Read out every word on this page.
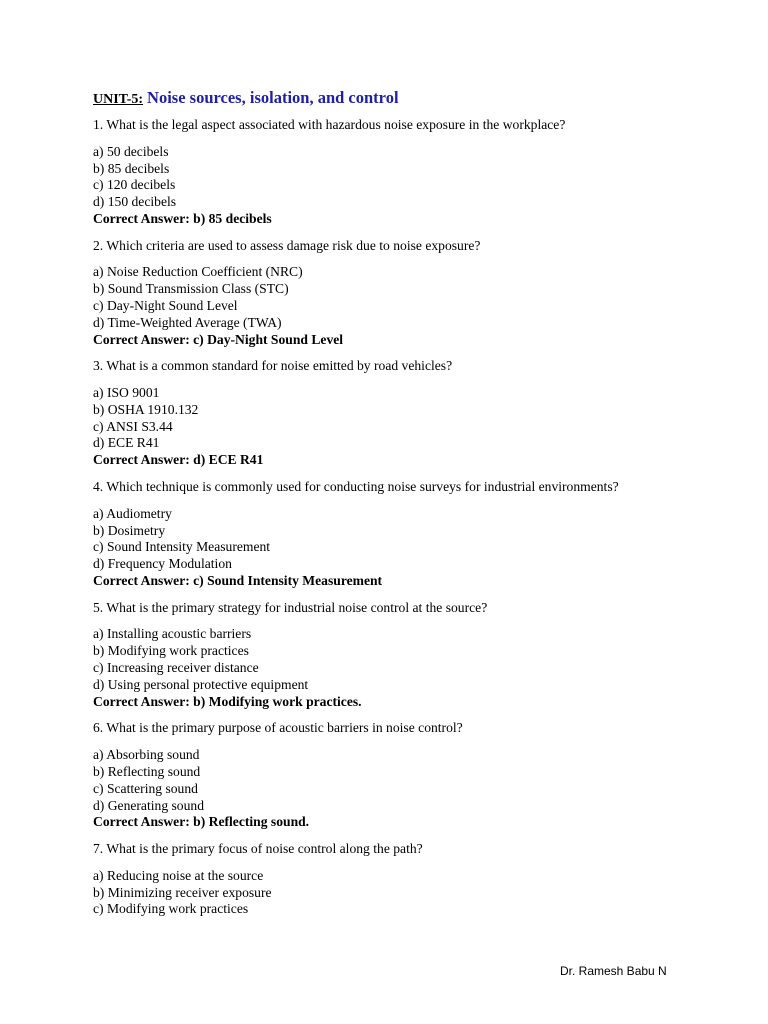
UNIT-5: Noise sources, isolation, and control

1. What is the legal aspect associated with hazardous noise exposure in the workplace?

a) 50 decibels
b) 85 decibels
c) 120 decibels
d) 150 decibels

Correct Answer: b) 85 decibels

2. Which criteria are used to assess damage risk due to noise exposure?

a) Noise Reduction Coefficient (NRC)
b) Sound Transmission Class (STC)
c) Day-Night Sound Level
d) Time-Weighted Average (TWA)

Correct Answer: c) Day-Night Sound Level

3. What is a common standard for noise emitted by road vehicles?

a) ISO 9001
b) OSHA 1910.132
c) ANSI S3.44
d) ECE R41

Correct Answer: d) ECE R41

4. Which technique is commonly used for conducting noise surveys for industrial environments?

a) Audiometry
b) Dosimetry
c) Sound Intensity Measurement
d) Frequency Modulation

Correct Answer: c) Sound Intensity Measurement

5. What is the primary strategy for industrial noise control at the source?

a) Installing acoustic barriers
b) Modifying work practices
c) Increasing receiver distance
d) Using personal protective equipment

Correct Answer: b) Modifying work practices.

6. What is the primary purpose of acoustic barriers in noise control?

a) Absorbing sound
b) Reflecting sound
c) Scattering sound
d) Generating sound

Correct Answer: b) Reflecting sound.

7. What is the primary focus of noise control along the path?

a) Reducing noise at the source
b) Minimizing receiver exposure
c) Modifying work practices
Dr. Ramesh Babu N
